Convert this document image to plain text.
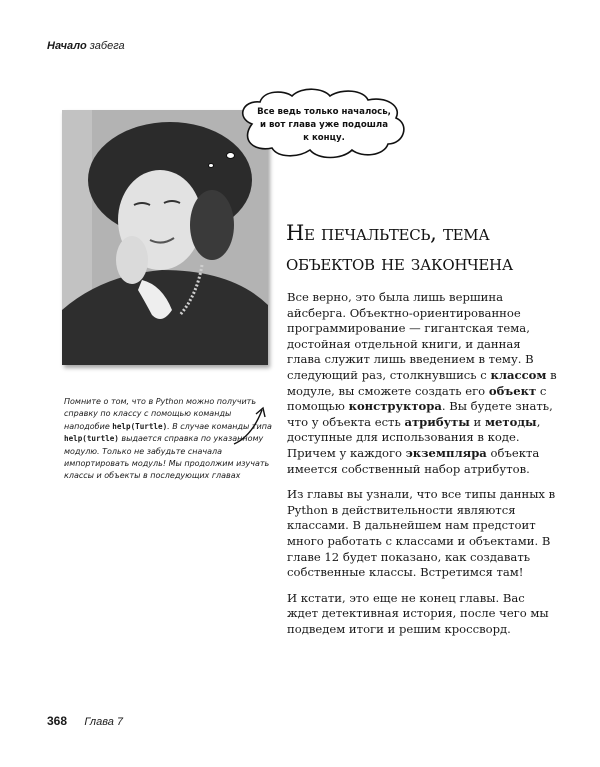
Начало забега
Все ведь только началось,
и вот глава уже подошла
к концу.
Не печальтесь, тема
объектов не закончена

Все верно, это была лишь вершина айсберга. Объектно-ориентированное программирование — гигантская тема, достойная отдельной книги, и данная глава служит лишь введением в тему. В следующий раз, столкнувшись с классом в модуле, вы сможете создать его объект с помощью конструктора. Вы будете знать, что у объекта есть атрибуты и методы, доступные для использования в коде. Причем у каждого экземпляра объекта имеется собственный набор атрибутов.

Из главы вы узнали, что все типы данных в Python в действительности являются классами. В дальнейшем нам предстоит много работать с классами и объектами. В главе 12 будет показано, как создавать собственные классы. Встретимся там!

И кстати, это еще не конец главы. Вас ждет детективная история, после чего мы подведем итоги и решим кроссворд.

Помните о том, что в Python можно получить справку по классу с помощью команды наподобие help(Turtle). В случае команды типа help(turtle) выдается справка по указанному модулю. Только не забудьте сначала импортировать модуль! Мы продолжим изучать классы и объекты в последующих главах
368 Глава 7
